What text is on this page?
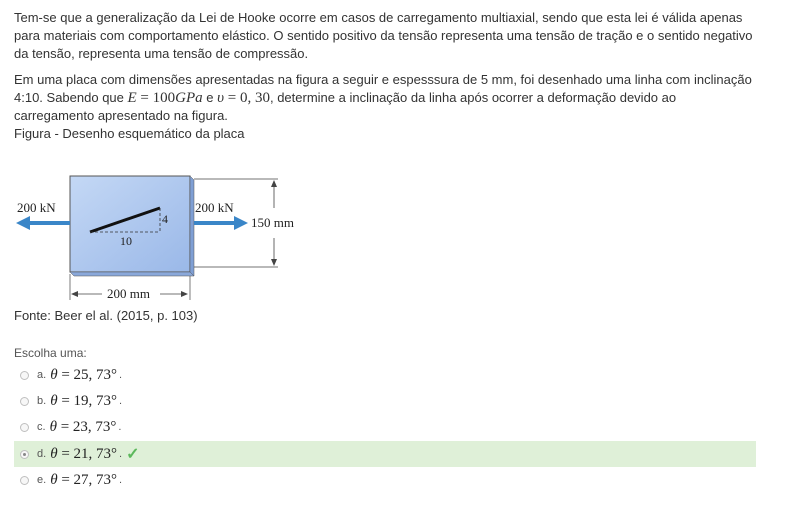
Tem-se que a generalização da Lei de Hooke ocorre em casos de carregamento multiaxial, sendo que esta lei é válida apenas para materiais com comportamento elástico. O sentido positivo da tensão representa uma tensão de tração e o sentido negativo da tensão, representa uma tensão de compressão.

Em uma placa com dimensões apresentadas na figura a seguir e espesssura de 5 mm, foi desenhado uma linha com inclinação 4:10. Sabendo que E = 100GPa e υ = 0, 30, determine a inclinação da linha após ocorrer a deformação devido ao carregamento apresentado na figura.

Figura - Desenho esquemático da placa
200 kN	200 kN
4
10
150 mm
200 mm
Fonte: Beer el al. (2015, p. 103)
Escolha uma:
a. θ = 25, 73° .
b. θ = 19, 73° .
c. θ = 23, 73° .
d. θ = 21, 73° . ✓
e. θ = 27, 73° .
